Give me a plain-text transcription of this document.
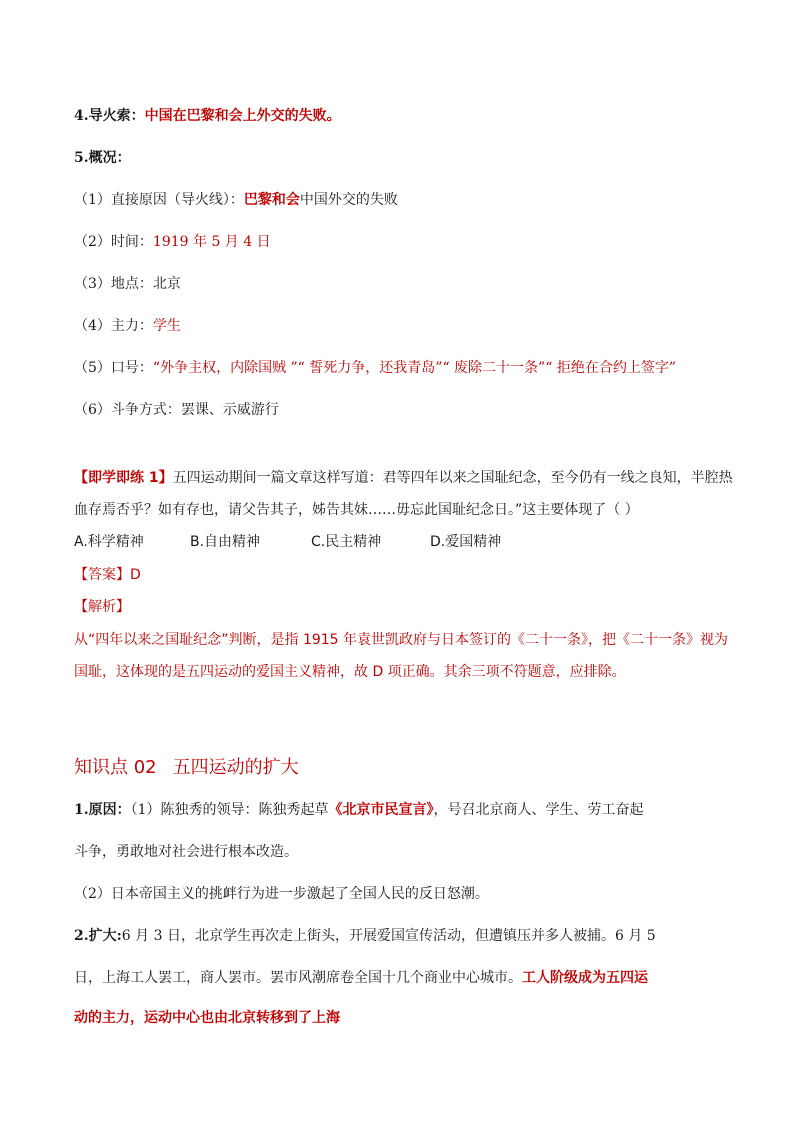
4.导火索：中国在巴黎和会上外交的失败。
5.概况：
（1）直接原因（导火线）：巴黎和会中国外交的失败
（2）时间：1919 年 5 月 4 日
（3）地点：北京
（4）主力：学生
（5）口号：“外争主权，内除国贼 ”“ 誓死力争，还我青岛”“ 废除二十一条”“ 拒绝在合约上签字”
（6）斗争方式：罢课、示威游行
【即学即练 1】五四运动期间一篇文章这样写道：君等四年以来之国耻纪念，至今仍有一线之良知，半腔热
血存焉否乎？如有存也，请父告其子，姊告其妹……毋忘此国耻纪念日。”这主要体现了（ ）
A.科学精神	B.自由精神	C.民主精神	D.爱国精神
【答案】D
【解析】
从“四年以来之国耻纪念”判断，是指 1915 年袁世凯政府与日本签订的《二十一条》，把《二十一条》视为
国耻，这体现的是五四运动的爱国主义精神，故 D 项正确。其余三项不符题意，应排除。
知识点 02 五四运动的扩大
1.原因：（1）陈独秀的领导：陈独秀起草《北京市民宣言》，号召北京商人、学生、劳工奋起
斗争，勇敢地对社会进行根本改造。
（2）日本帝国主义的挑衅行为进一步激起了全国人民的反日怒潮。
2.扩大:6 月 3 日，北京学生再次走上街头，开展爱国宣传活动，但遭镇压并多人被捕。6 月 5
日，上海工人罢工，商人罢市。罢市风潮席卷全国十几个商业中心城市。工人阶级成为五四运
动的主力，运动中心也由北京转移到了上海
